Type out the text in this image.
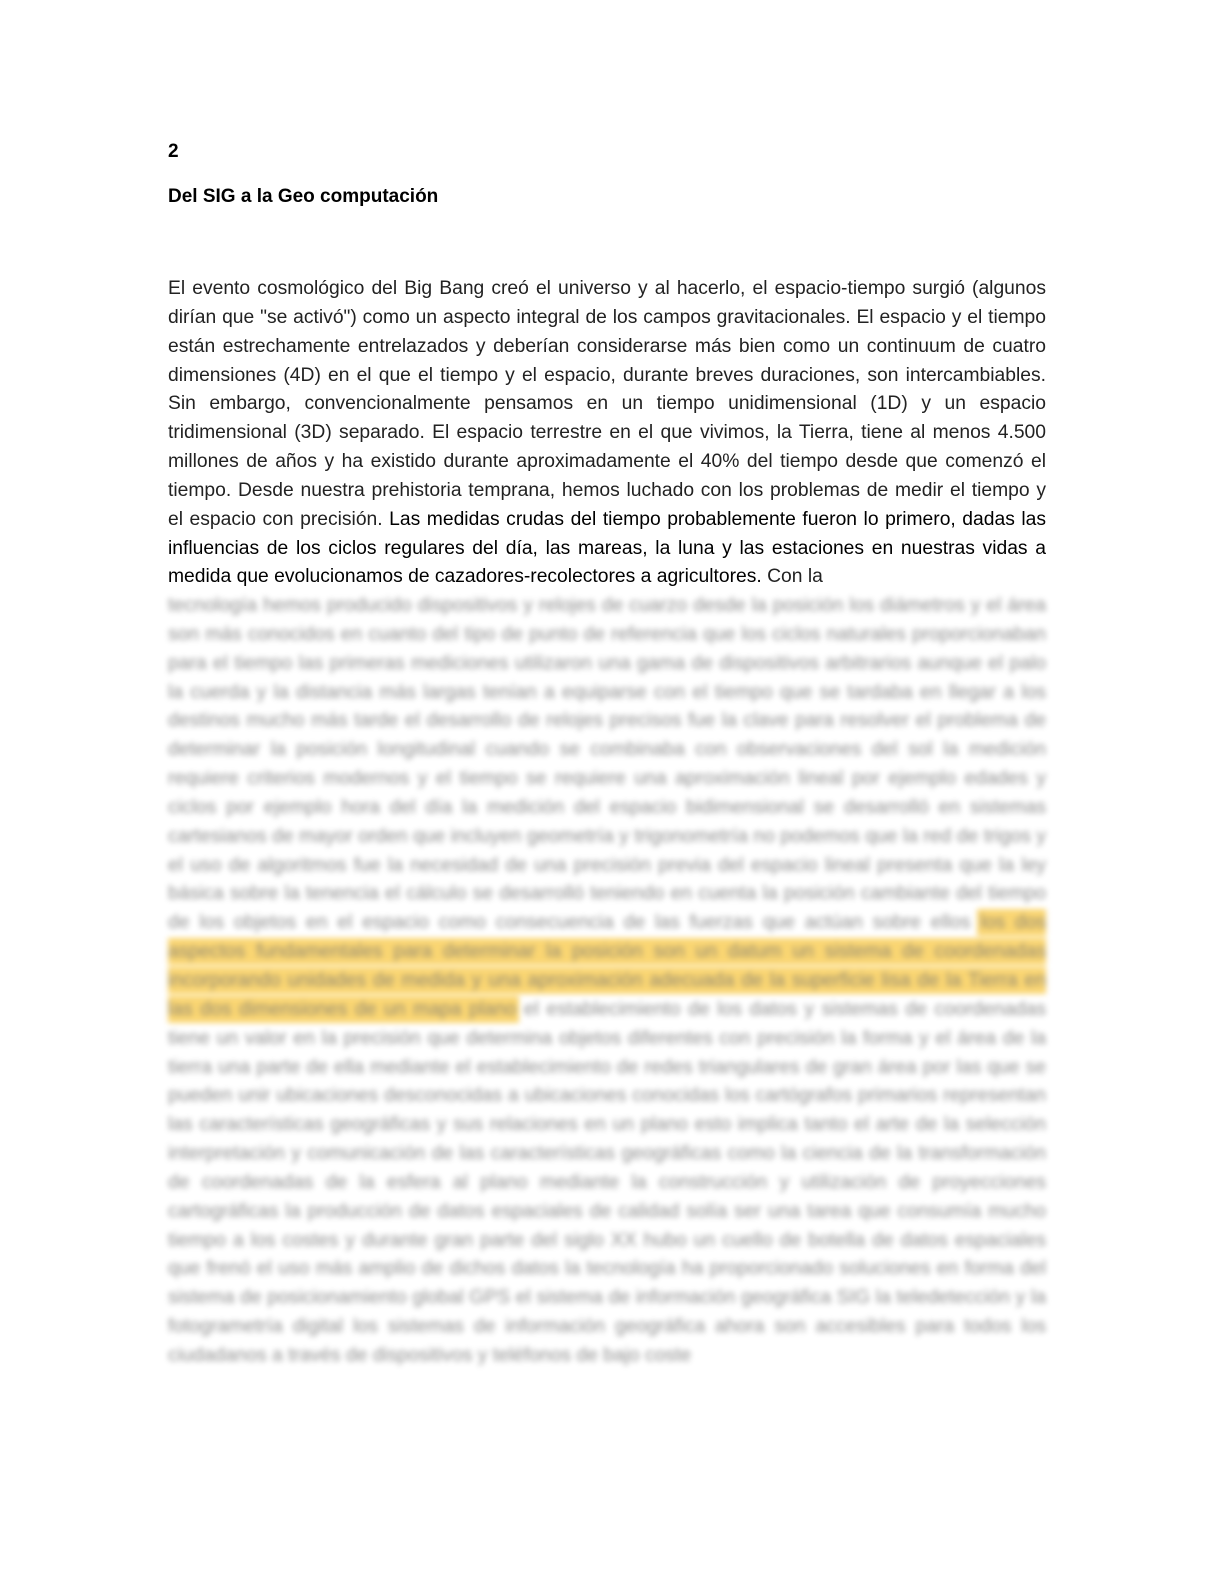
2
Del SIG a la Geo computación

El evento cosmológico del Big Bang creó el universo y al hacerlo, el espacio-tiempo surgió (algunos dirían que "se activó") como un aspecto integral de los campos gravitacionales. El espacio y el tiempo están estrechamente entrelazados y deberían considerarse más bien como un continuum de cuatro dimensiones (4D) en el que el tiempo y el espacio, durante breves duraciones, son intercambiables. Sin embargo, convencionalmente pensamos en un tiempo unidimensional (1D) y un espacio tridimensional (3D) separado. El espacio terrestre en el que vivimos, la Tierra, tiene al menos 4.500 millones de años y ha existido durante aproximadamente el 40% del tiempo desde que comenzó el tiempo. Desde nuestra prehistoria temprana, hemos luchado con los problemas de medir el tiempo y el espacio con precisión. Las medidas crudas del tiempo probablemente fueron lo primero, dadas las influencias de los ciclos regulares del día, las mareas, la luna y las estaciones en nuestras vidas a medida que evolucionamos de cazadores-recolectores a agricultores. Con la

tecnología hemos producido dispositivos y relojes de cuarzo desde la posición los diámetros y el área son más conocidos en cuanto del tipo de punto de referencia que los ciclos naturales proporcionaban para el tiempo las primeras mediciones utilizaron una gama de dispositivos arbitrarios aunque el palo la cuerda y la distancia más largas tenían a equiparse con el tiempo que se tardaba en llegar a los destinos mucho más tarde el desarrollo de relojes precisos fue la clave para resolver el problema de determinar la posición longitudinal cuando se combinaba con observaciones del sol la medición requiere criterios modernos y el tiempo se requiere una aproximación lineal por ejemplo edades y ciclos por ejemplo hora del día la medición del espacio bidimensional se desarrolló en sistemas cartesianos de mayor orden que incluyen geometría y trigonometría no podemos que la red de trigos y el uso de algoritmos fue la necesidad de una precisión previa del espacio lineal presenta que la ley básica sobre la tenencia el cálculo se desarrolló teniendo en cuenta la posición cambiante del tiempo de los objetos en el espacio como consecuencia de las fuerzas que actúan sobre ellos los dos aspectos fundamentales para determinar la posición son un datum un sistema de coordenadas incorporando unidades de medida y una aproximación adecuada de la superficie lisa de la Tierra en las dos dimensiones de un mapa plano el establecimiento de los datos y sistemas de coordenadas tiene un valor en la precisión que determina objetos diferentes con precisión la forma y el área de la tierra una parte de ella mediante el establecimiento de redes triangulares de gran área por las que se pueden unir ubicaciones desconocidas a ubicaciones conocidas los cartógrafos primarios representan las características geográficas y sus relaciones en un plano esto implica tanto el arte de la selección interpretación y comunicación de las características geográficas como la ciencia de la transformación de coordenadas de la esfera al plano mediante la construcción y utilización de proyecciones cartográficas la producción de datos espaciales de calidad solía ser una tarea que consumía mucho tiempo a los costes y durante gran parte del siglo XX hubo un cuello de botella de datos espaciales que frenó el uso más amplio de dichos datos la tecnología ha proporcionado soluciones en forma del sistema de posicionamiento global GPS el sistema de información geográfica SIG la teledetección y la fotogrametría digital los sistemas de información geográfica ahora son accesibles para todos los ciudadanos a través de dispositivos y teléfonos de bajo coste
